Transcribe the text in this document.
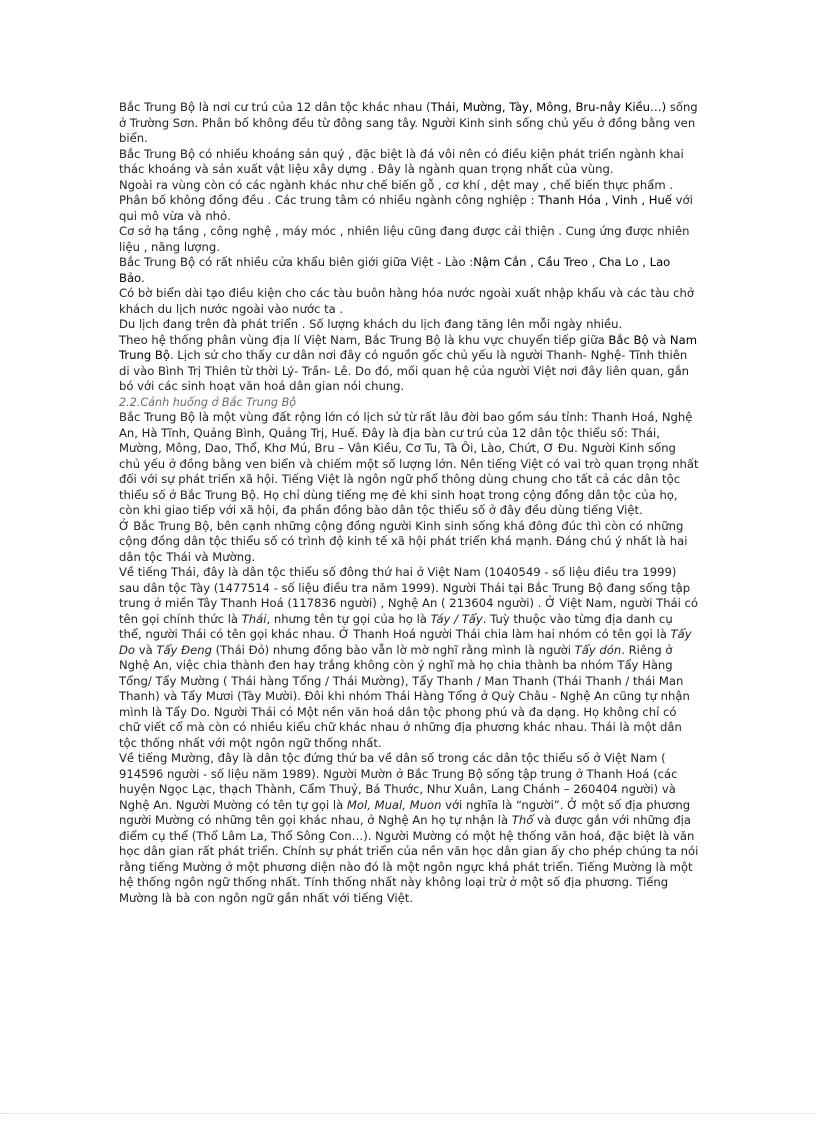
Bắc Trung Bộ là nơi cư trú của 12 dân tộc khác nhau (Thái, Mường, Tày, Mông, Bru-nây Kiều…) sống ở Trường Sơn. Phân bố không đều từ đông sang tây. Người Kinh sinh sống chủ yếu ở đồng bằng ven biển.

Bắc Trung Bộ có nhiều khoáng sản quý , đặc biệt là đá vôi nên có điều kiện phát triển ngành khai thác khoáng và sản xuất vật liệu xây dựng . Đây là ngành quan trọng nhất của vùng.

Ngoài ra vùng còn có các ngành khác như chế biến gỗ , cơ khí , dệt may , chế biến thực phẩm . Phân bố không đồng đều . Các trung tâm có nhiều ngành công nghiệp : Thanh Hóa , Vinh , Huế với qui mô vừa và nhỏ.

Cơ sở hạ tầng , công nghệ , máy móc , nhiên liệu cũng đang được cải thiện . Cung ứng được nhiên liệu , năng lượng.

Bắc Trung Bộ có rất nhiều cửa khẩu biên giới giữa Việt - Lào :Nậm Cắn , Cầu Treo , Cha Lo , Lao Bảo.

Có bờ biển dài tạo điều kiện cho các tàu buôn hàng hóa nước ngoài xuất nhập khẩu và các tàu chở khách du lịch nước ngoài vào nước ta .

Du lịch đang trên đà phát triển . Số lượng khách du lịch đang tăng lên mỗi ngày nhiều.

Theo hệ thống phân vùng địa lí Việt Nam, Bắc Trung Bộ là khu vực chuyển tiếp giữa Bắc Bộ và Nam Trung Bộ. Lịch sử cho thấy cư dân nơi đây có nguồn gốc chủ yếu là người Thanh- Nghệ- Tĩnh thiên di vào Bình Trị Thiên từ thời Lý- Trần- Lê. Do đó, mối quan hệ của người Việt nơi đây liên quan, gắn bó với các sinh hoạt văn hoá dân gian nói chung.

2.2.Cảnh huống ở Bắc Trung Bộ

Bắc Trung Bộ là một vùng đất rộng lớn có lịch sử từ rất lâu đời bao gồm sáu tỉnh: Thanh Hoá, Nghệ An, Hà Tĩnh, Quảng Bình, Quảng Trị, Huế. Đây là địa bàn cư trú của 12 dân tộc thiểu số: Thái, Mường, Mông, Dao, Thổ, Khơ Mú, Bru – Vân Kiều, Cơ Tu, Tà Ôi, Lào, Chứt, Ơ Đu. Người Kinh sống chủ yếu ở đồng bằng ven biển và chiếm một số lượng lớn. Nên tiếng Việt có vai trò quan trọng nhất đối với sự phát triển xã hội. Tiếng Việt là ngôn ngữ phổ thông dùng chung cho tất cả các dân tộc thiểu số ở Bắc Trung Bộ. Họ chỉ dùng tiếng mẹ đẻ khi sinh hoạt trong cộng đồng dân tộc của họ, còn khi giao tiếp với xã hội, đa phần đồng bào dân tộc thiểu số ở đây đều dùng tiếng Việt.

Ở Bắc Trung Bộ, bên cạnh những cộng đồng người Kinh sinh sống khá đông đúc thì còn có những cộng đồng dân tộc thiểu số có trình độ kinh tế xã hội phát triển khá mạnh. Đáng chú ý nhất là hai dân tộc Thái và Mường.

Về tiếng Thái, đây là dân tộc thiểu số đông thứ hai ở Việt Nam (1040549 - số liệu điều tra 1999) sau dân tộc Tày (1477514 - số liệu điều tra năm 1999). Người Thái tại Bắc Trung Bộ đang sống tập trung ở miền Tây Thanh Hoá (117836 người) , Nghệ An ( 213604 người) . Ở Việt Nam, người Thái có tên gọi chính thức là Thái, nhưng tên tự gọi của họ là Táy / Tẩy. Tuỳ thuộc vào từng địa danh cụ thể, người Thái có tên gọi khác nhau. Ở Thanh Hoá người Thái chia làm hai nhóm có tên gọi là Tẩy Do và Tẩy Đeng (Thái Đỏ) nhưng đồng bào vẫn lờ mờ nghĩ rằng mình là người Tẩy dón. Riêng ở Nghệ An, việc chia thành đen hay trắng không còn ý nghĩ mà họ chia thành ba nhóm Tẩy Hàng Tổng/ Tẩy Mường ( Thái hàng Tổng / Thái Mường), Tẩy Thanh / Man Thanh (Thái Thanh / thái Man Thanh) và Tẩy Mươi (Tày Mười). Đôi khi nhóm Thái Hàng Tổng ở Quỳ Châu - Nghệ An cũng tự nhận mình là Tẩy Do. Người Thái có Một nền văn hoá dân tộc phong phú và đa dạng. Họ không chỉ có chữ viết cổ mà còn có nhiều kiểu chữ khác nhau ở những địa phương khác nhau. Thái là một dân tộc thống nhất với một ngôn ngữ thống nhất.

Về tiếng Mường, đây là dân tộc đứng thứ ba về dân số trong các dân tộc thiểu số ở Việt Nam ( 914596 người - số liệu năm 1989). Người Mườn ở Bắc Trung Bộ sống tập trung ở Thanh Hoá (các huyện Ngọc Lạc, thạch Thành, Cẩm Thuỷ, Bá Thước, Như Xuân, Lang Chánh – 260404 người) và Nghệ An. Người Mường có tên tự gọi là Mol, Mual, Muon với nghĩa là “người”. Ở một số địa phương người Mường có những tên gọi khác nhau, ở Nghệ An họ tự nhận là Thổ và được gắn với những địa điểm cụ thể (Thổ Lâm La, Thổ Sông Con…). Người Mường có một hệ thống văn hoá, đặc biệt là văn học dân gian rất phát triển. Chính sự phát triển của nền văn học dân gian ấy cho phép chúng ta nói rằng tiếng Mường ở một phương diện nào đó là một ngôn ngực khá phát triển. Tiếng Mường là một hệ thống ngôn ngữ thống nhất. Tính thống nhất này không loại trừ ở một số địa phương. Tiếng Mường là bà con ngôn ngữ gần nhất với tiếng Việt.
